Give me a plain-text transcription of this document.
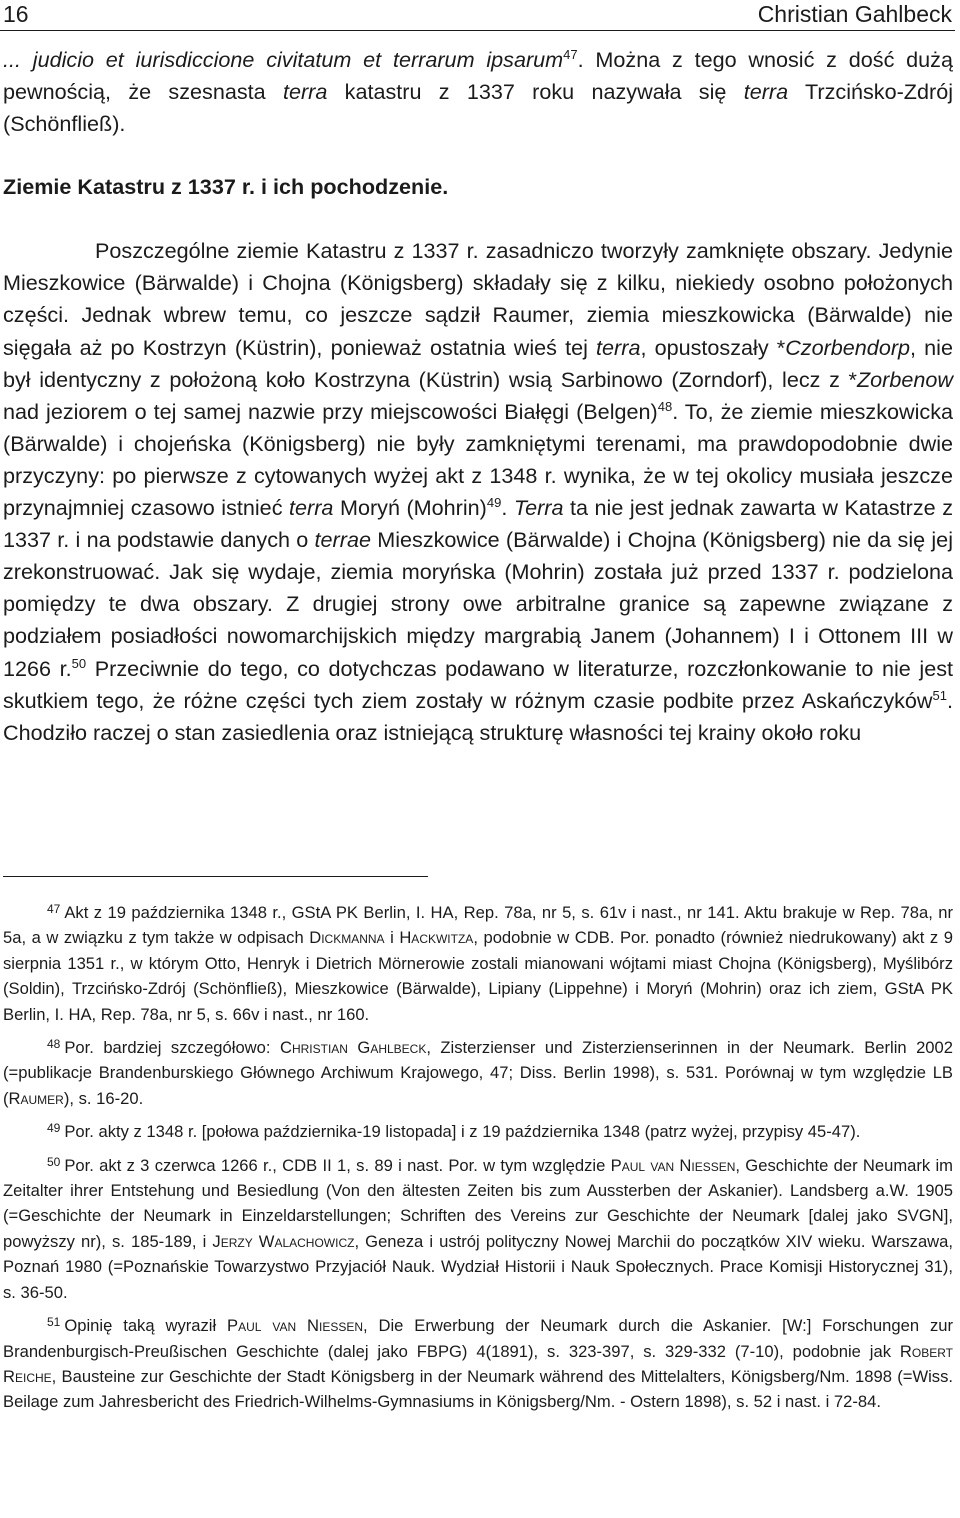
16	Christian Gahlbeck

... judicio et iurisdiccione civitatum et terrarum ipsarum$^{47}$. Można z tego wnosić z dość dużą pewnością, że szesnasta terra katastru z 1337 roku nazywała się terra Trzcińsko-Zdrój (Schönfließ).

Ziemie Katastru z 1337 r. i ich pochodzenie.

Poszczególne ziemie Katastru z 1337 r. zasadniczo tworzyły zamknięte obszary. Jedynie Mieszkowice (Bärwalde) i Chojna (Königsberg) składały się z kilku, niekiedy osobno położonych części. Jednak wbrew temu, co jeszcze sądził Raumer, ziemia mieszkowicka (Bärwalde) nie sięgała aż po Kostrzyn (Küstrin), ponieważ ostatnia wieś tej terra, opustoszały *Czorbendorp, nie był identyczny z położoną koło Kostrzyna (Küstrin) wsią Sarbinowo (Zorndorf), lecz z *Zorbenow nad jeziorem o tej samej nazwie przy miejscowości Białęgi (Belgen)$^{48}$. To, że ziemie mieszkowicka (Bärwalde) i chojeńska (Königsberg) nie były zamkniętymi terenami, ma prawdopodobnie dwie przyczyny: po pierwsze z cytowanych wyżej akt z 1348 r. wynika, że w tej okolicy musiała jeszcze przynajmniej czasowo istnieć terra Moryń (Mohrin)$^{49}$. Terra ta nie jest jednak zawarta w Katastrze z 1337 r. i na podstawie danych o terrae Mieszkowice (Bärwalde) i Chojna (Königsberg) nie da się jej zrekonstruować. Jak się wydaje, ziemia moryńska (Mohrin) została już przed 1337 r. podzielona pomiędzy te dwa obszary. Z drugiej strony owe arbitralne granice są zapewne związane z podziałem posiadłości nowomarchijskich między margrabią Janem (Johannem) I i Ottonem III w 1266 r.$^{50}$ Przeciwnie do tego, co dotychczas podawano w literaturze, rozczłonkowanie to nie jest skutkiem tego, że różne części tych ziem zostały w różnym czasie podbite przez Askańczyków$^{51}$. Chodziło raczej o stan zasiedlenia oraz istniejącą strukturę własności tej krainy około roku

$^{47}$ Akt z 19 października 1348 r., GStA PK Berlin, I. HA, Rep. 78a, nr 5, s. 61v i nast., nr 141. Aktu brakuje w Rep. 78a, nr 5a, a w związku z tym także w odpisach Dickmanna i Hackwitza, podobnie w CDB. Por. ponadto (również niedrukowany) akt z 9 sierpnia 1351 r., w którym Otto, Henryk i Dietrich Mörnerowie zostali mianowani wójtami miast Chojna (Königsberg), Myślibórz (Soldin), Trzcińsko-Zdrój (Schönfließ), Mieszkowice (Bärwalde), Lipiany (Lippehne) i Moryń (Mohrin) oraz ich ziem, GStA PK Berlin, I. HA, Rep. 78a, nr 5, s. 66v i nast., nr 160.

$^{48}$ Por. bardziej szczegółowo: Christian Gahlbeck, Zisterzienser und Zisterzienserinnen in der Neumark. Berlin 2002 (=publikacje Brandenburskiego Głównego Archiwum Krajowego, 47; Diss. Berlin 1998), s. 531. Porównaj w tym względzie LB (Raumer), s. 16-20.

$^{49}$ Por. akty z 1348 r. [połowa października-19 listopada] i z 19 października 1348 (patrz wyżej, przypisy 45-47).

$^{50}$ Por. akt z 3 czerwca 1266 r., CDB II 1, s. 89 i nast. Por. w tym względzie Paul van Niessen, Geschichte der Neumark im Zeitalter ihrer Entstehung und Besiedlung (Von den ältesten Zeiten bis zum Aussterben der Askanier). Landsberg a.W. 1905 (=Geschichte der Neumark in Einzeldarstellungen; Schriften des Vereins zur Geschichte der Neumark [dalej jako SVGN], powyższy nr), s. 185-189, i Jerzy Walachowicz, Geneza i ustrój polityczny Nowej Marchii do początków XIV wieku. Warszawa, Poznań 1980 (=Poznańskie Towarzystwo Przyjaciół Nauk. Wydział Historii i Nauk Społecznych. Prace Komisji Historycznej 31), s. 36-50.

$^{51}$ Opinię taką wyraził Paul van Niessen, Die Erwerbung der Neumark durch die Askanier. [W:] Forschungen zur Brandenburgisch-Preußischen Geschichte (dalej jako FBPG) 4(1891), s. 323-397, s. 329-332 (7-10), podobnie jak Robert Reiche, Bausteine zur Geschichte der Stadt Königsberg in der Neumark während des Mittelalters, Königsberg/Nm. 1898 (=Wiss. Beilage zum Jahresbericht des Friedrich-Wilhelms-Gymnasiums in Königsberg/Nm. - Ostern 1898), s. 52 i nast. i 72-84.
